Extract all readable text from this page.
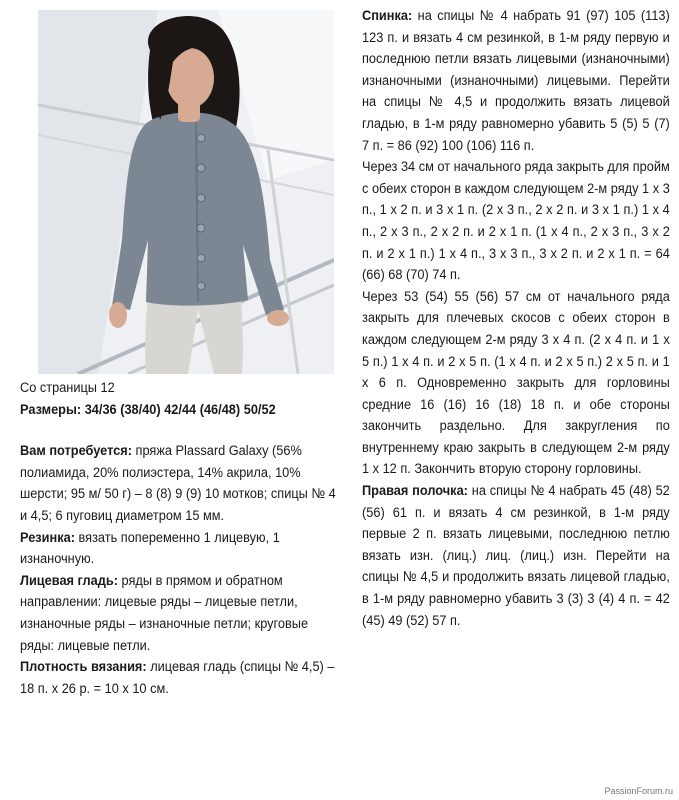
Со страницы 12

Размеры: 34/36 (38/40) 42/44 (46/48) 50/52

Вам потребуется: пряжа Plassard Galaxy (56% полиамида, 20% полиэстера, 14% акрила, 10% шерсти; 95 м/ 50 г) – 8 (8) 9 (9) 10 мотков; спицы № 4 и 4,5; 6 пуговиц диаметром 15 мм.

Резинка: вязать попеременно 1 лицевую, 1 изнаночную.

Лицевая гладь: ряды в прямом и обратном направлении: лицевые ряды – лицевые петли, изнаночные ряды – изнаночные петли; круговые ряды: лицевые петли.

Плотность вязания: лицевая гладь (спицы № 4,5) – 18 п. х 26 р. = 10 х 10 см.

Спинка: на спицы № 4 набрать 91 (97) 105 (113) 123 п. и вязать 4 см резинкой, в 1-м ряду первую и последнюю петли вязать лицевыми (изнаночными) изнаночными (изнаночными) лицевыми. Перейти на спицы № 4,5 и продолжить вязать лицевой гладью, в 1-м ряду равномерно убавить 5 (5) 5 (7) 7 п. = 86 (92) 100 (106) 116 п.

Через 34 см от начального ряда закрыть для пройм с обеих сторон в каждом следующем 2-м ряду 1 х 3 п., 1 х 2 п. и 3 х 1 п. (2 х 3 п., 2 х 2 п. и 3 х 1 п.) 1 х 4 п., 2 х 3 п., 2 х 2 п. и 2 х 1 п. (1 х 4 п., 2 х 3 п., 3 х 2 п. и 2 х 1 п.) 1 х 4 п., 3 х 3 п., 3 х 2 п. и 2 х 1 п. = 64 (66) 68 (70) 74 п.

Через 53 (54) 55 (56) 57 см от начального ряда закрыть для плечевых скосов с обеих сторон в каждом следующем 2-м ряду 3 х 4 п. (2 х 4 п. и 1 х 5 п.) 1 х 4 п. и 2 х 5 п. (1 х 4 п. и 2 х 5 п.) 2 х 5 п. и 1 х 6 п. Одновременно закрыть для горловины средние 16 (16) 16 (18) 18 п. и обе стороны закончить раздельно. Для закругления по внутреннему краю закрыть в следующем 2-м ряду 1 х 12 п. Закончить вторую сторону горловины.

Правая полочка: на спицы № 4 набрать 45 (48) 52 (56) 61 п. и вязать 4 см резинкой, в 1-м ряду первые 2 п. вязать лицевыми, последнюю петлю вязать изн. (лиц.) лиц. (лиц.) изн. Перейти на спицы № 4,5 и продолжить вязать лицевой гладью, в 1-м ряду равномерно убавить 3 (3) 3 (4) 4 п. = 42 (45) 49 (52) 57 п.

PassionForum.ru
